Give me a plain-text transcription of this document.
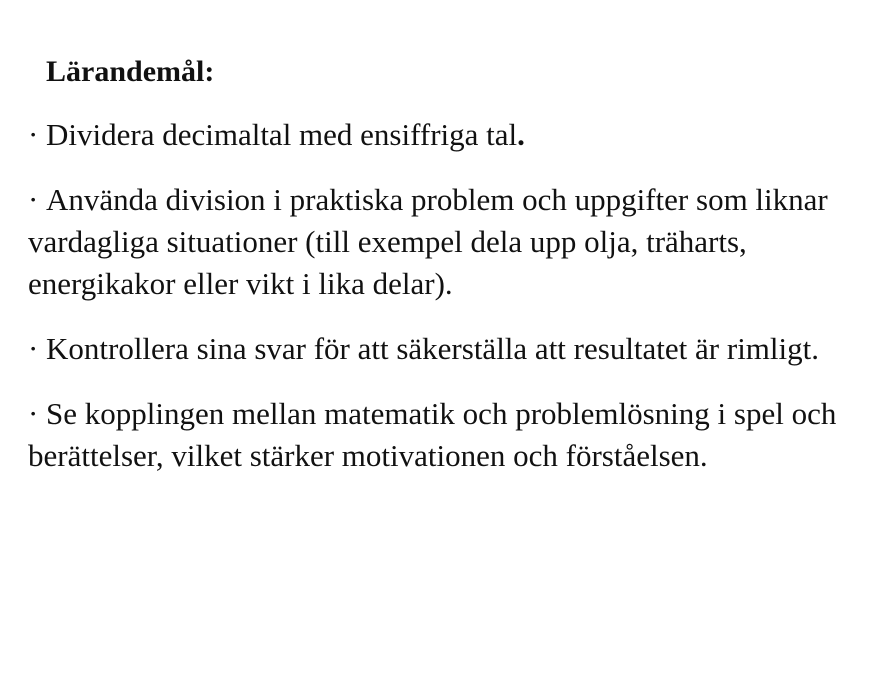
Lärandemål:
· Dividera decimaltal med ensiffriga tal.
· Använda division i praktiska problem och uppgifter som liknar vardagliga situationer (till exempel dela upp olja, träharts, energikakor eller vikt i lika delar).
· Kontrollera sina svar för att säkerställa att resultatet är rimligt.
· Se kopplingen mellan matematik och problemlösning i spel och berättelser, vilket stärker motivationen och förståelsen.
